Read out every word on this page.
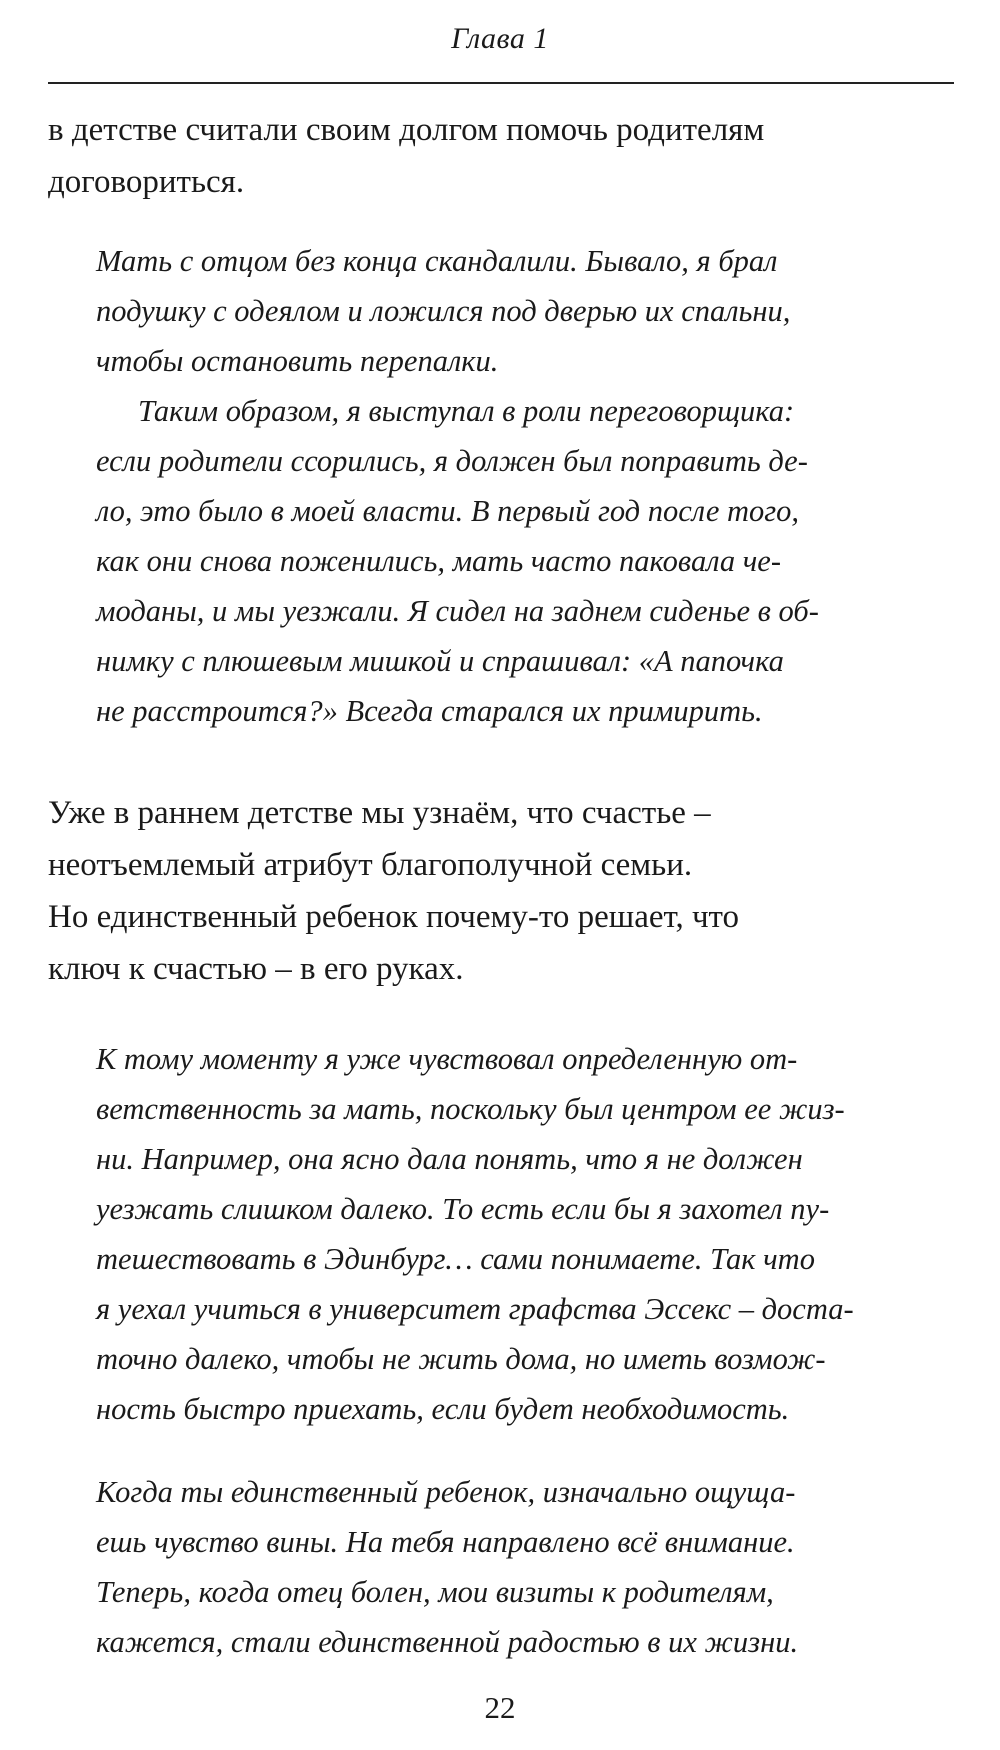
Глава 1

в детстве считали своим долгом помочь родителям
договориться.

Мать с отцом без конца скандалили. Бывало, я брал
подушку с одеялом и ложился под дверью их спальни,
чтобы остановить перепалки.
Таким образом, я выступал в роли переговорщика:
если родители ссорились, я должен был поправить де-
ло, это было в моей власти. В первый год после того,
как они снова поженились, мать часто паковала че-
моданы, и мы уезжали. Я сидел на заднем сиденье в об-
нимку с плюшевым мишкой и спрашивал: «А папочка
не расстроится?» Всегда старался их примирить.

Уже в раннем детстве мы узнаём, что счастье –
неотъемлемый атрибут благополучной семьи.
Но единственный ребенок почему-то решает, что
ключ к счастью – в его руках.

К тому моменту я уже чувствовал определенную от-
ветственность за мать, поскольку был центром ее жиз-
ни. Например, она ясно дала понять, что я не должен
уезжать слишком далеко. То есть если бы я захотел пу-
тешествовать в Эдинбург… сами понимаете. Так что
я уехал учиться в университет графства Эссекс – доста-
точно далеко, чтобы не жить дома, но иметь возмож-
ность быстро приехать, если будет необходимость.

Когда ты единственный ребенок, изначально ощуща-
ешь чувство вины. На тебя направлено всё внимание.
Теперь, когда отец болен, мои визиты к родителям,
кажется, стали единственной радостью в их жизни.

22
